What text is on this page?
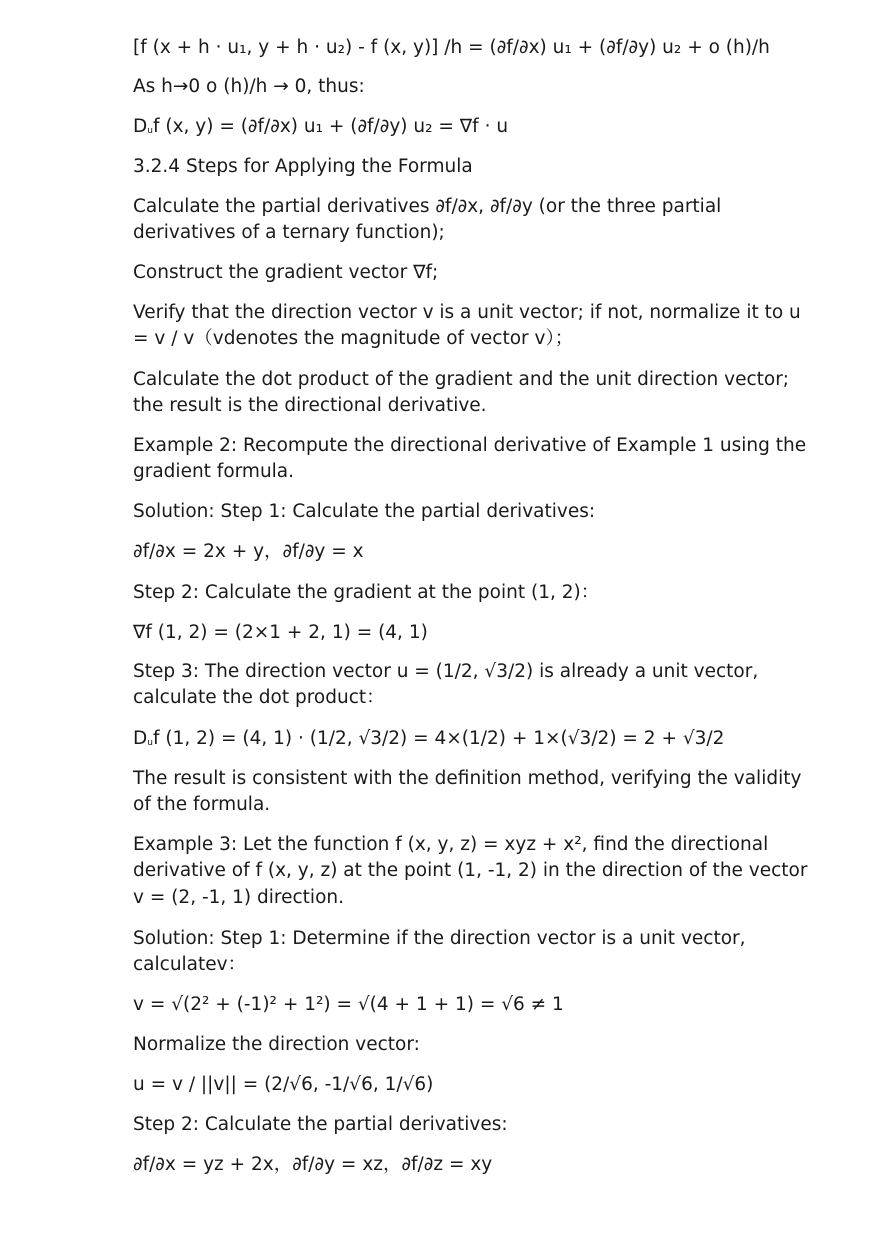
[f (x + h · u₁, y + h · u₂) - f (x, y)] /h = (∂f/∂x) u₁ + (∂f/∂y) u₂ + o (h)/h
As h→0 o (h)/h → 0, thus:
$D_uf$ (x, y) = (∂f/∂x) u₁ + (∂f/∂y) u₂ = ∇f · u
3.2.4 Steps for Applying the Formula
Calculate the partial derivatives ∂f/∂x, ∂f/∂y (or the three partial
derivatives of a ternary function);
Construct the gradient vector ∇f;
Verify that the direction vector v is a unit vector; if not, normalize it to u
= v / v（vdenotes the magnitude of vector v）；
Calculate the dot product of the gradient and the unit direction vector;
the result is the directional derivative.
Example 2: Recompute the directional derivative of Example 1 using the
gradient formula.
Solution: Step 1: Calculate the partial derivatives:
∂f/∂x = 2x + y，∂f/∂y = x
Step 2: Calculate the gradient at the point (1, 2)：
∇f (1, 2) = (2×1 + 2, 1) = (4, 1)
Step 3: The direction vector u = (1/2, √3/2) is already a unit vector,
calculate the dot product：
$D_uf$ (1, 2) = (4, 1) · (1/2, √3/2) = 4×(1/2) + 1×(√3/2) = 2 + √3/2
The result is consistent with the definition method, verifying the validity
of the formula.
Example 3: Let the function f (x, y, z) = xyz + x², find the directional
derivative of f (x, y, z) at the point (1, -1, 2) in the direction of the vector
v = (2, -1, 1) direction.
Solution: Step 1: Determine if the direction vector is a unit vector,
calculatev：
v = √(2² + (-1)² + 1²) = √(4 + 1 + 1) = √6 ≠ 1
Normalize the direction vector:
u = v / ||v|| = (2/√6, -1/√6, 1/√6)
Step 2: Calculate the partial derivatives:
∂f/∂x = yz + 2x，∂f/∂y = xz，∂f/∂z = xy
